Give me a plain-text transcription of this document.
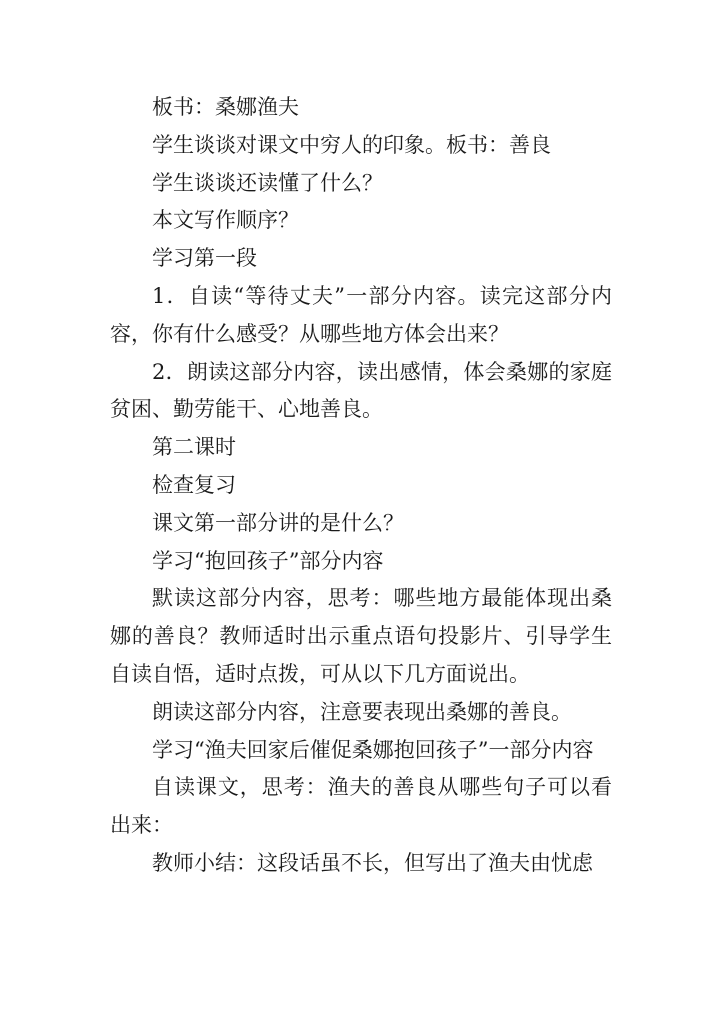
板书：桑娜渔夫

学生谈谈对课文中穷人的印象。板书：善良

学生谈谈还读懂了什么？

本文写作顺序？

学习第一段

1．自读“等待丈夫”一部分内容。读完这部分内容，你有什么感受？从哪些地方体会出来？

2．朗读这部分内容，读出感情，体会桑娜的家庭贫困、勤劳能干、心地善良。

第二课时

检查复习

课文第一部分讲的是什么？

学习“抱回孩子”部分内容

默读这部分内容，思考：哪些地方最能体现出桑娜的善良？教师适时出示重点语句投影片、引导学生自读自悟，适时点拨，可从以下几方面说出。

朗读这部分内容，注意要表现出桑娜的善良。

学习“渔夫回家后催促桑娜抱回孩子”一部分内容

自读课文，思考：渔夫的善良从哪些句子可以看出来：

教师小结：这段话虽不长，但写出了渔夫由忧虑
